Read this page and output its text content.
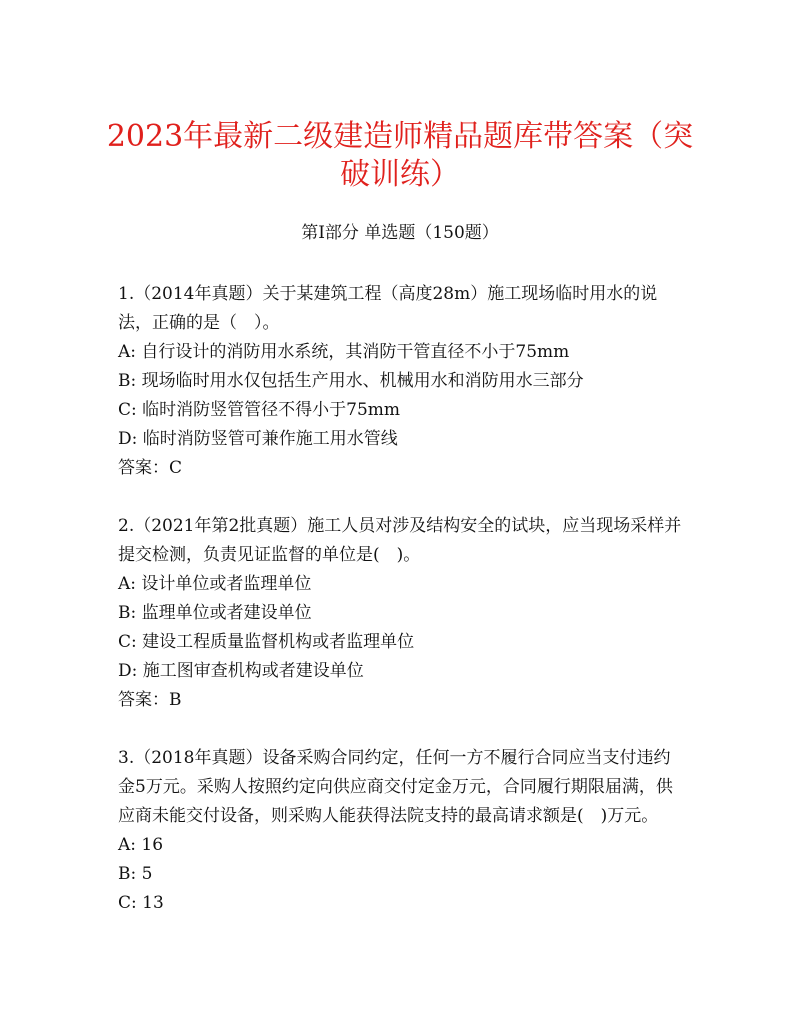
2023年最新二级建造师精品题库带答案（突破训练）
第I部分 单选题（150题）

1.（2014年真题）关于某建筑工程（高度28m）施工现场临时用水的说法，正确的是（　）。

A: 自行设计的消防用水系统，其消防干管直径不小于75mm

B: 现场临时用水仅包括生产用水、机械用水和消防用水三部分

C: 临时消防竖管管径不得小于75mm

D: 临时消防竖管可兼作施工用水管线

答案：C

2.（2021年第2批真题）施工人员对涉及结构安全的试块，应当现场采样并提交检测，负责见证监督的单位是(　)。

A: 设计单位或者监理单位

B: 监理单位或者建设单位

C: 建设工程质量监督机构或者监理单位

D: 施工图审查机构或者建设单位

答案：B

3.（2018年真题）设备采购合同约定，任何一方不履行合同应当支付违约金5万元。采购人按照约定向供应商交付定金万元，合同履行期限届满，供应商未能交付设备，则采购人能获得法院支持的最高请求额是(　)万元。

A: 16

B: 5

C: 13
